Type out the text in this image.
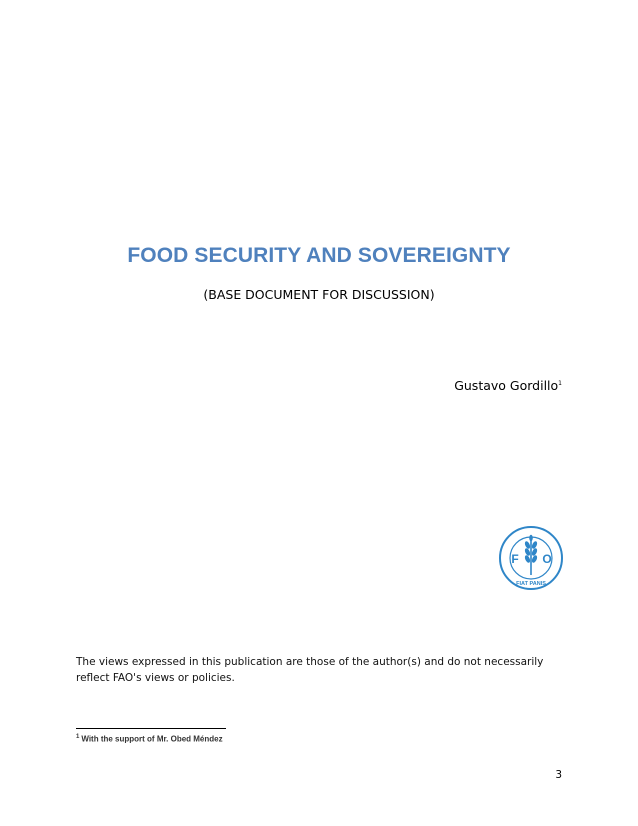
FOOD SECURITY AND SOVEREIGNTY
(BASE DOCUMENT FOR DISCUSSION)
Gustavo Gordillo$^1$
F O
FIAT PANIS
The views expressed in this publication are those of the author(s) and do not necessarily reflect FAO's views or policies.
$^1$ With the support of Mr. Obed Méndez
3
